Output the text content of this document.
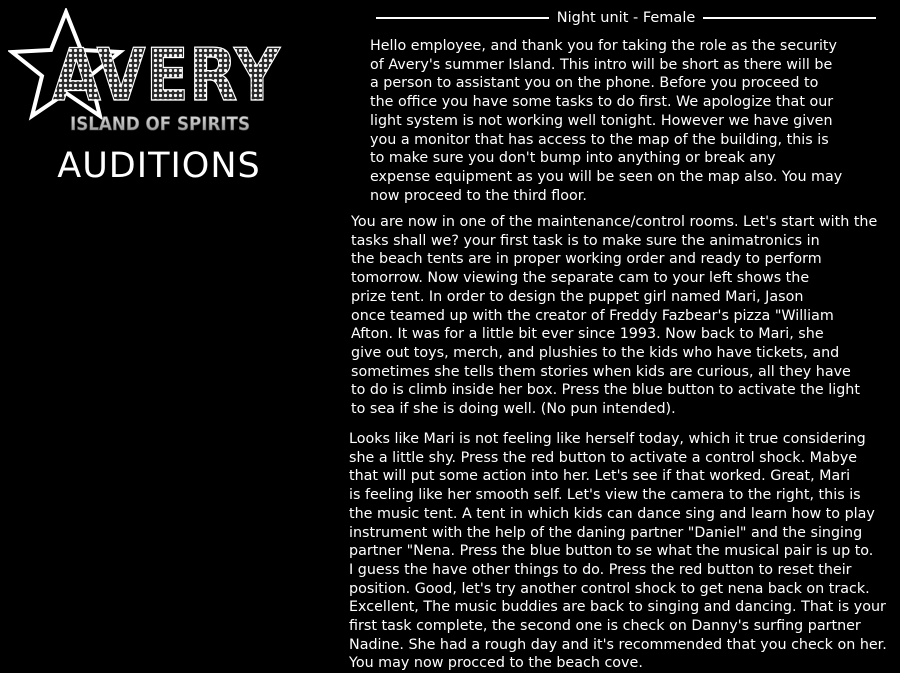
AVERY
ISLAND OF SPIRITS
AUDITIONS
Night unit - Female

Hello employee, and thank you for taking the role as the security
of Avery's summer Island. This intro will be short as there will be
a person to assistant you on the phone. Before you proceed to
the office you have some tasks to do first. We apologize that our
light system is not working well tonight. However we have given
you a monitor that has access to the map of the building, this is
to make sure you don't bump into anything or break any
expense equipment as you will be seen on the map also. You may
now proceed to the third floor.

You are now in one of the maintenance/control rooms. Let's start with the
tasks shall we? your first task is to make sure the animatronics in
the beach tents are in proper working order and ready to perform
tomorrow. Now viewing the separate cam to your left shows the
prize tent. In order to design the puppet girl named Mari, Jason
once teamed up with the creator of Freddy Fazbear's pizza "William
Afton. It was for a little bit ever since 1993. Now back to Mari, she
give out toys, merch, and plushies to the kids who have tickets, and
sometimes she tells them stories when kids are curious, all they have
to do is climb inside her box. Press the blue button to activate the light
to sea if she is doing well. (No pun intended).

Looks like Mari is not feeling like herself today, which it true considering
she a little shy. Press the red button to activate a control shock. Mabye
that will put some action into her. Let's see if that worked. Great, Mari
is feeling like her smooth self. Let's view the camera to the right, this is
the music tent. A tent in which kids can dance sing and learn how to play
instrument with the help of the daning partner "Daniel" and the singing
partner "Nena. Press the blue button to se what the musical pair is up to.
I guess the have other things to do. Press the red button to reset their
position. Good, let's try another control shock to get nena back on track.
Excellent, The music buddies are back to singing and dancing. That is your
first task complete, the second one is check on Danny's surfing partner
Nadine. She had a rough day and it's recommended that you check on her.
You may now procced to the beach cove.
